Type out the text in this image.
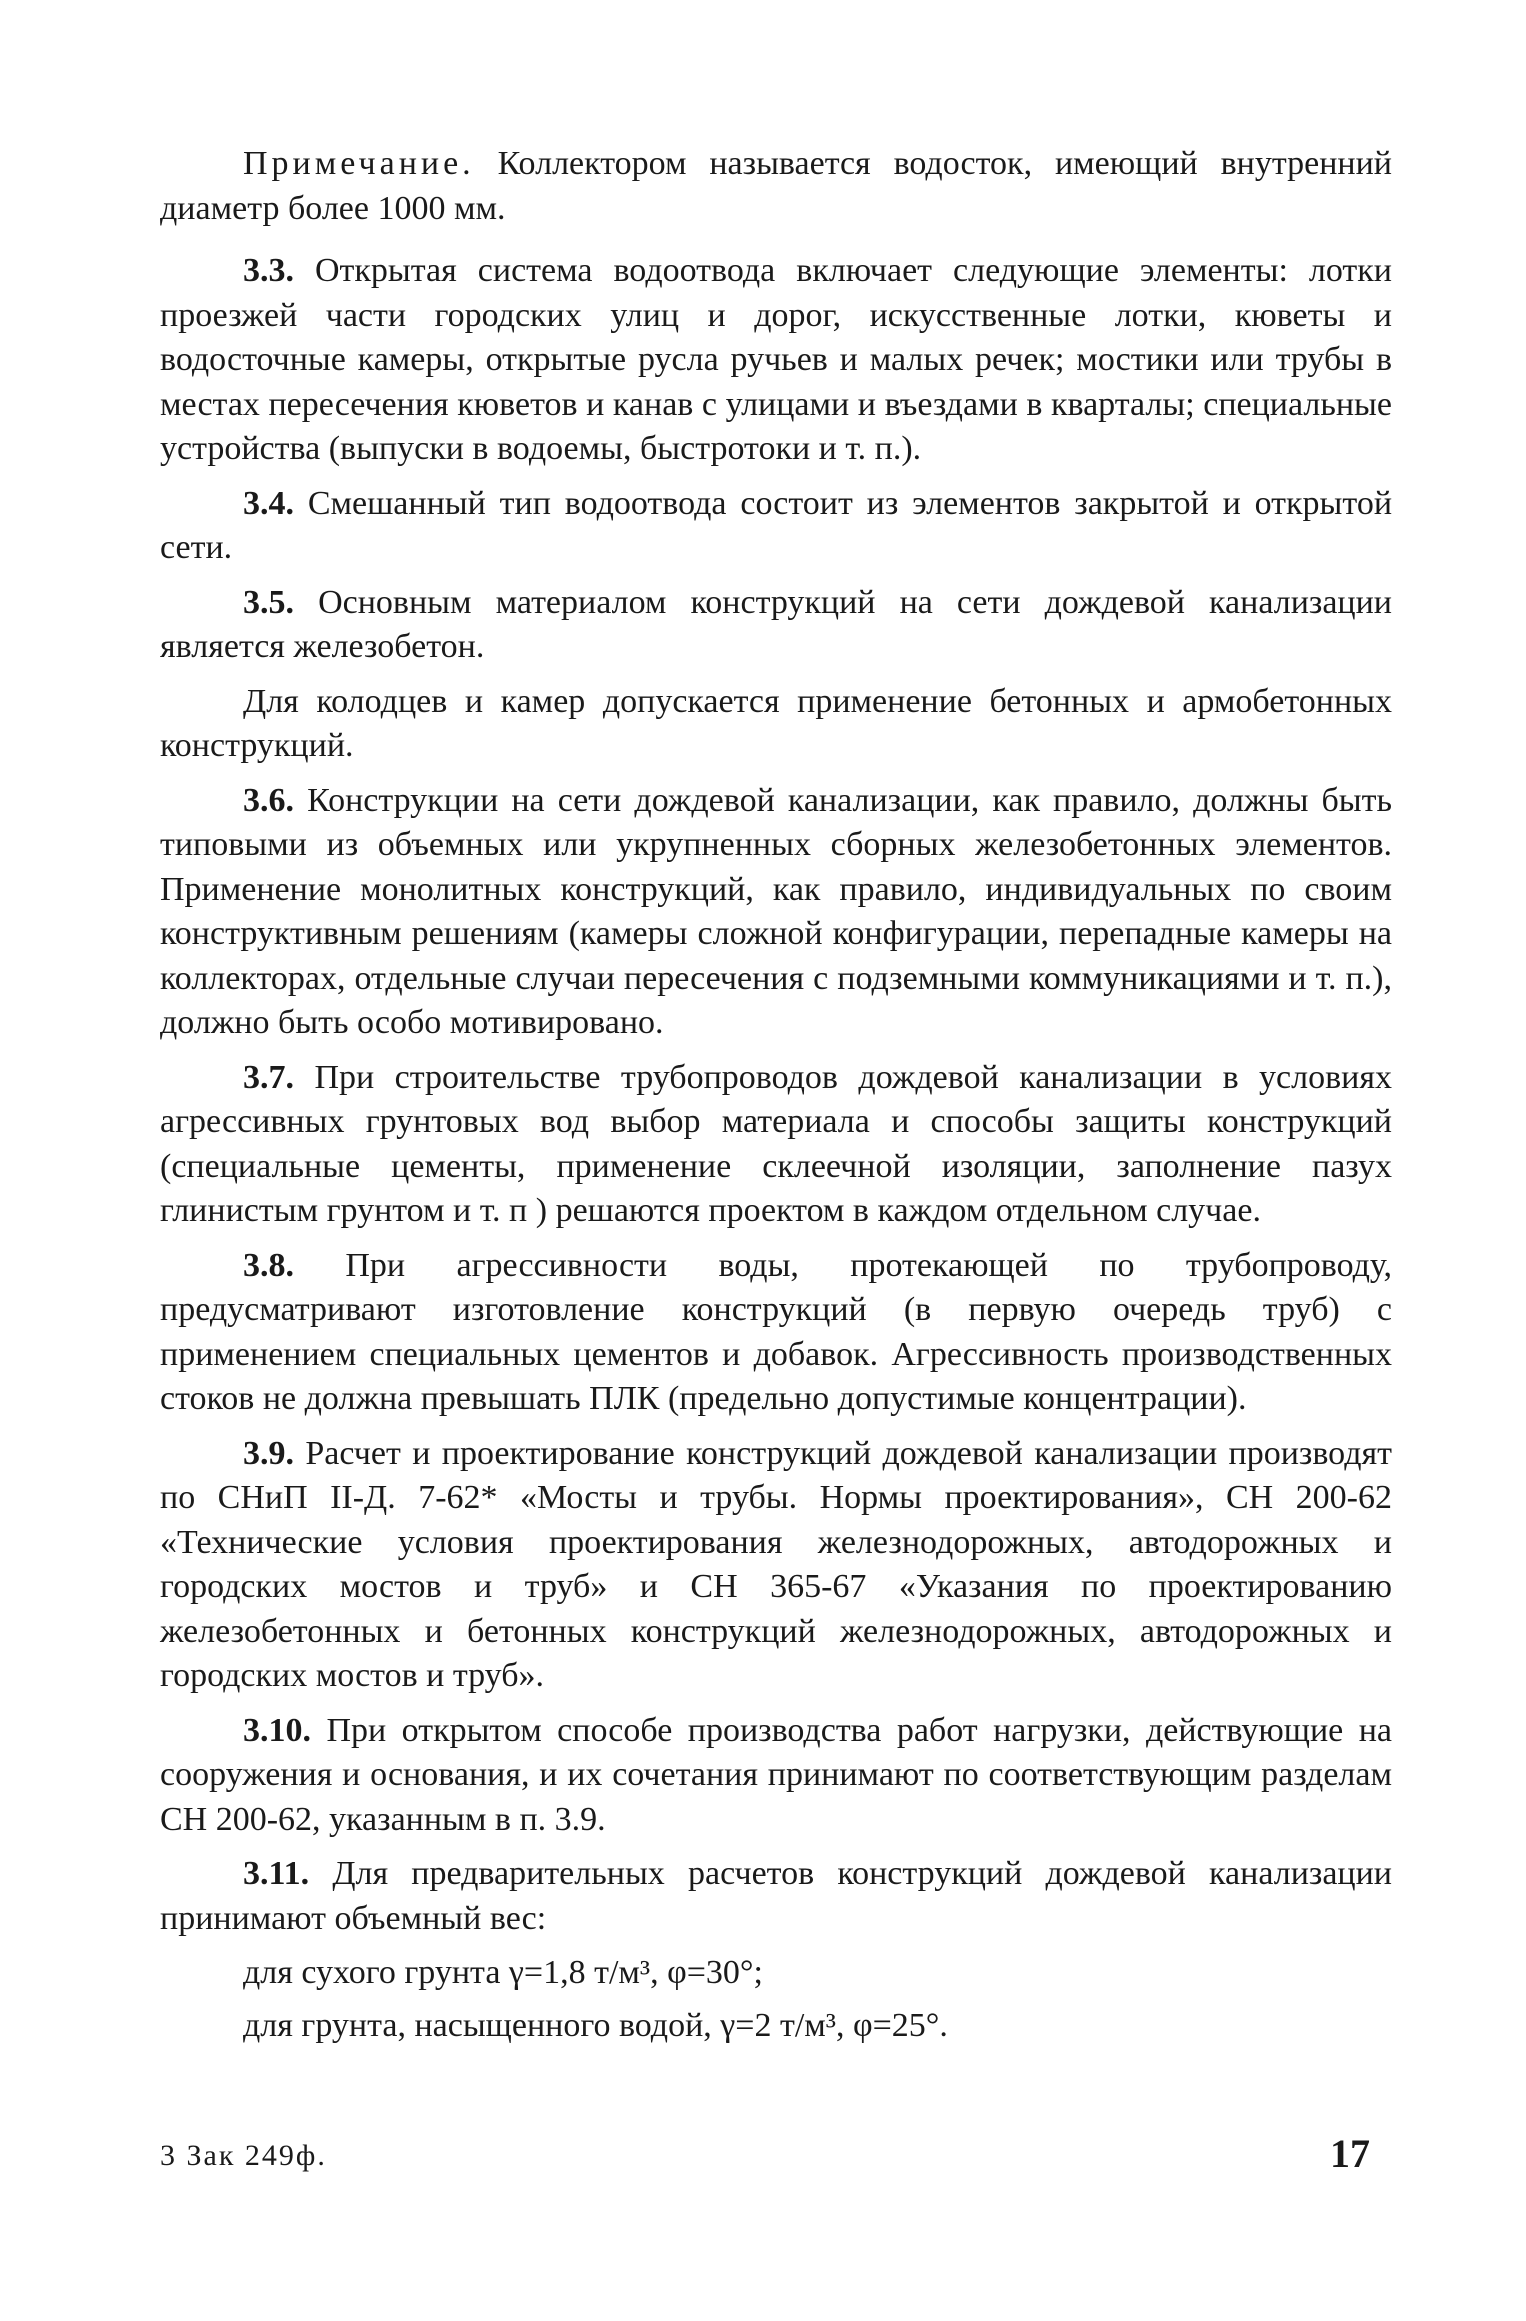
Примечание. Коллектором называется водосток, имеющий внутренний диаметр более 1000 мм.

3.3. Открытая система водоотвода включает следующие элементы: лотки проезжей части городских улиц и дорог, искусственные лотки, кюветы и водосточные камеры, открытые русла ручьев и малых речек; мостики или трубы в местах пересечения кюветов и канав с улицами и въездами в кварталы; специальные устройства (выпуски в водоемы, быстротоки и т. п.).

3.4. Смешанный тип водоотвода состоит из элементов закрытой и открытой сети.

3.5. Основным материалом конструкций на сети дождевой канализации является железобетон.

Для колодцев и камер допускается применение бетонных и армобетонных конструкций.

3.6. Конструкции на сети дождевой канализации, как правило, должны быть типовыми из объемных или укрупненных сборных железобетонных элементов. Применение монолитных конструкций, как правило, индивидуальных по своим конструктивным решениям (камеры сложной конфигурации, перепадные камеры на коллекторах, отдельные случаи пересечения с подземными коммуникациями и т. п.), должно быть особо мотивировано.

3.7. При строительстве трубопроводов дождевой канализации в условиях агрессивных грунтовых вод выбор материала и способы защиты конструкций (специальные цементы, применение склеечной изоляции, заполнение пазух глинистым грунтом и т. п ) решаются проектом в каждом отдельном случае.

3.8. При агрессивности воды, протекающей по трубопроводу, предусматривают изготовление конструкций (в первую очередь труб) с применением специальных цементов и добавок. Агрессивность производственных стоков не должна превышать ПЛК (предельно допустимые концентрации).

3.9. Расчет и проектирование конструкций дождевой канализации производят по СНиП II-Д. 7-62* «Мосты и трубы. Нормы проектирования», СН 200-62 «Технические условия проектирования железнодорожных, автодорожных и городских мостов и труб» и СН 365-67 «Указания по проектированию железобетонных и бетонных конструкций железнодорожных, автодорожных и городских мостов и труб».

3.10. При открытом способе производства работ нагрузки, действующие на сооружения и основания, и их сочетания принимают по соответствующим разделам СН 200-62, указанным в п. 3.9.

3.11. Для предварительных расчетов конструкций дождевой канализации принимают объемный вес:

для сухого грунта γ=1,8 т/м³, φ=30°;

для грунта, насыщенного водой, γ=2 т/м³, φ=25°.

3 Зак 249ф.	17
